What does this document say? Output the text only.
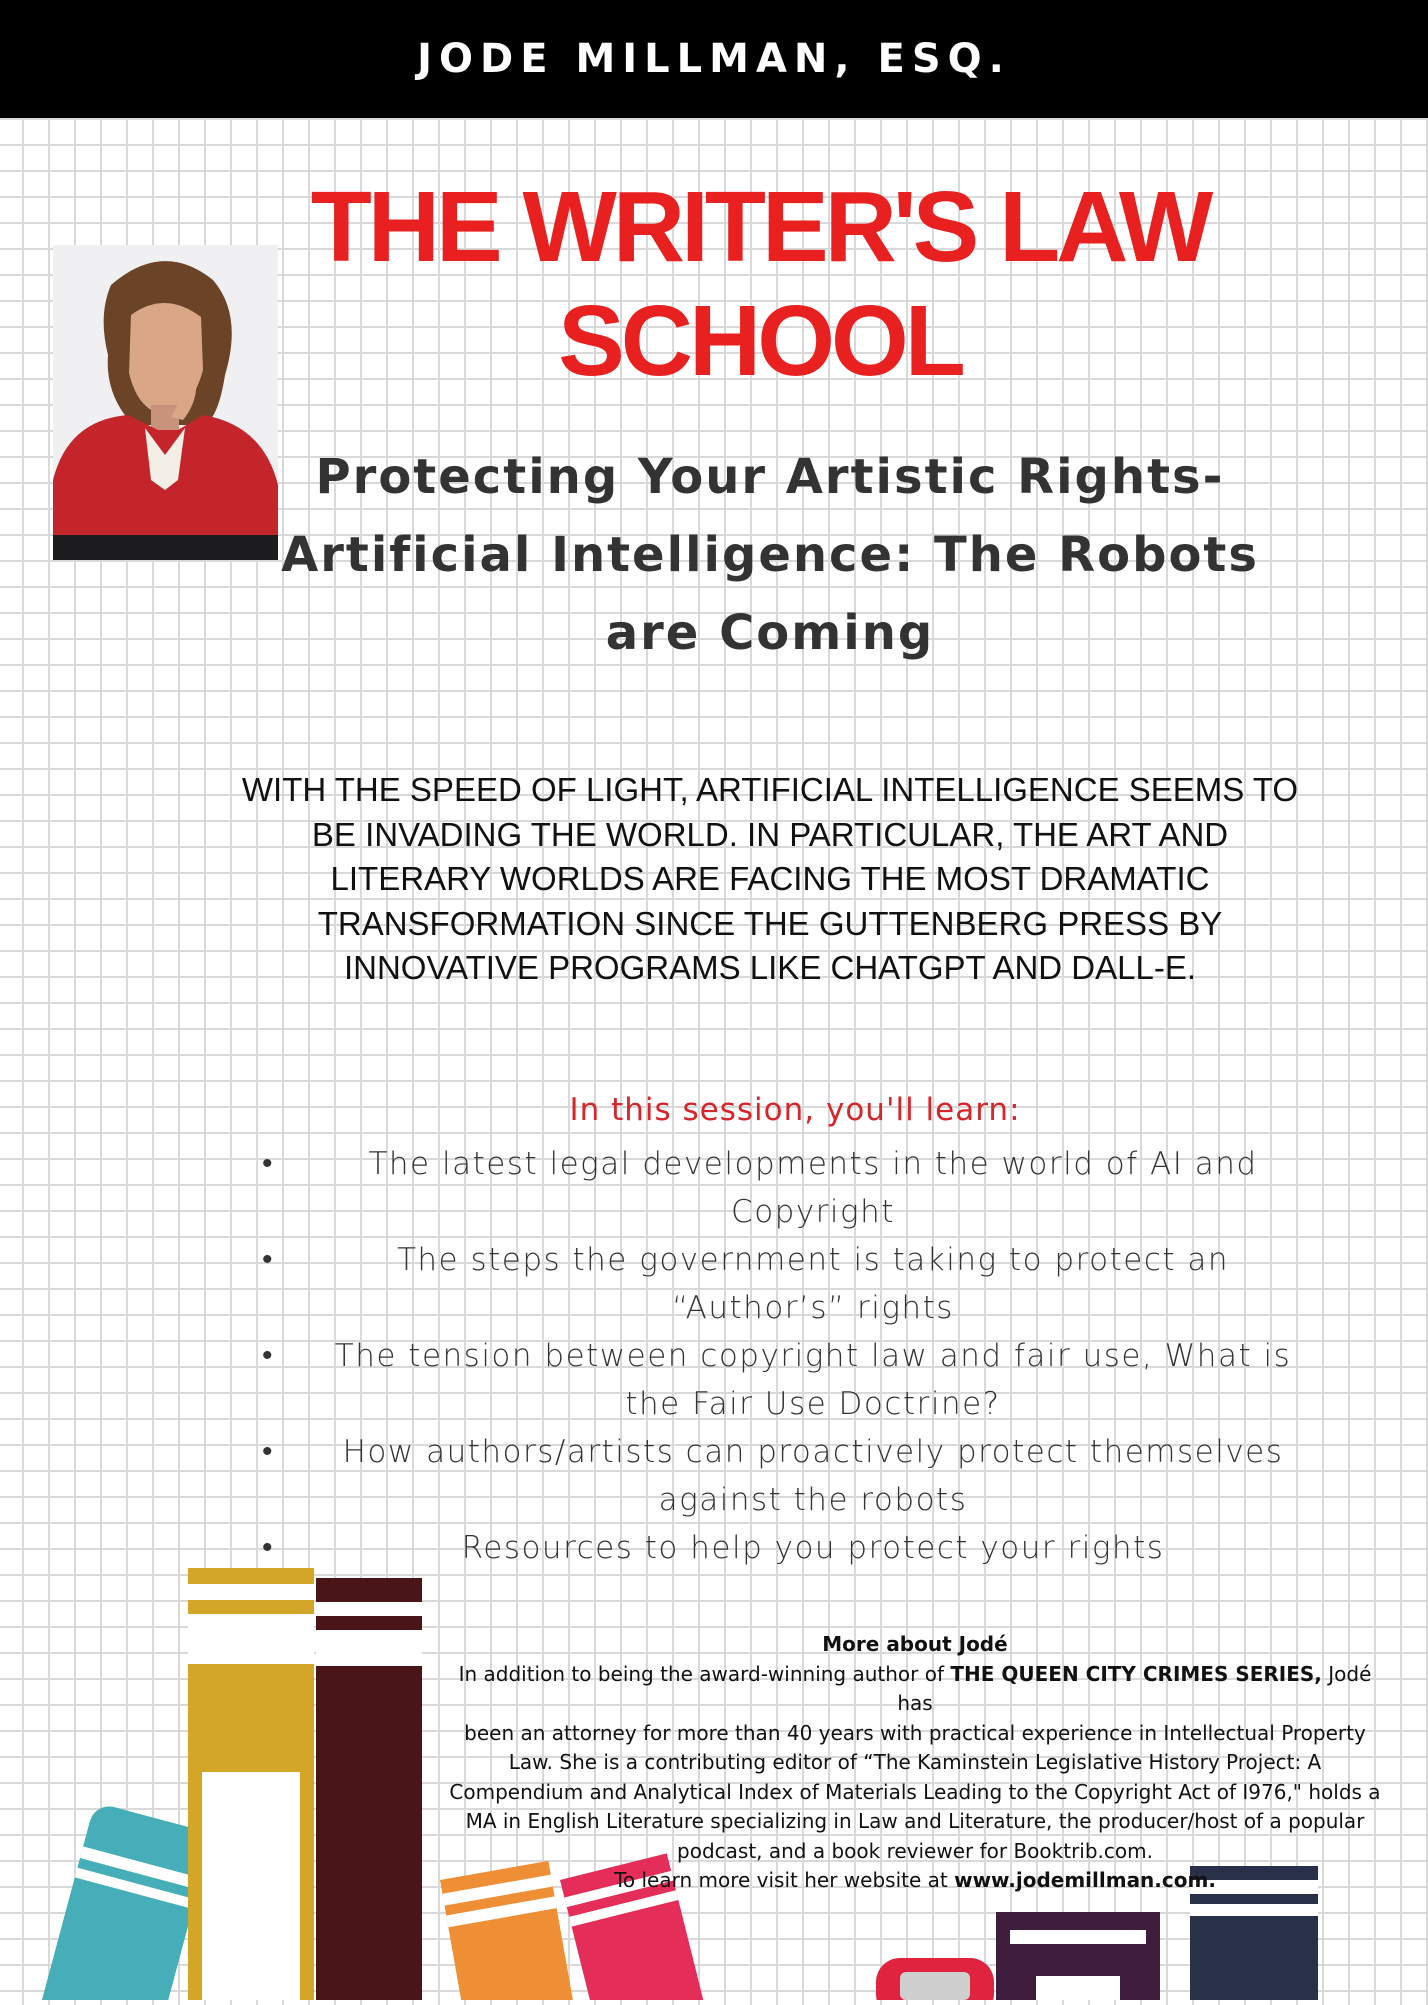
JODE MILLMAN, ESQ.
THE WRITER'S LAW
SCHOOL
Protecting Your Artistic Rights-
Artificial Intelligence: The Robots
are Coming
WITH THE SPEED OF LIGHT, ARTIFICIAL INTELLIGENCE SEEMS TO
BE INVADING THE WORLD. IN PARTICULAR, THE ART AND
LITERARY WORLDS ARE FACING THE MOST DRAMATIC
TRANSFORMATION SINCE THE GUTTENBERG PRESS BY
INNOVATIVE PROGRAMS LIKE CHATGPT AND DALL-E.
In this session, you'll learn:
•	The latest legal developments in the world of AI and
Copyright
•	The steps the government is taking to protect an
“Author’s” rights
•	The tension between copyright law and fair use, What is
the Fair Use Doctrine?
•	How authors/artists can proactively protect themselves
against the robots
•	Resources to help you protect your rights
More about Jodé
In addition to being the award-winning author of THE QUEEN CITY CRIMES SERIES, Jodé has
been an attorney for more than 40 years with practical experience in Intellectual Property
Law. She is a contributing editor of “The Kaminstein Legislative History Project: A
Compendium and Analytical Index of Materials Leading to the Copyright Act of I976," holds a
MA in English Literature specializing in Law and Literature, the producer/host of a popular
podcast, and a book reviewer for Booktrib.com.
To learn more visit her website at www.jodemillman.com.
